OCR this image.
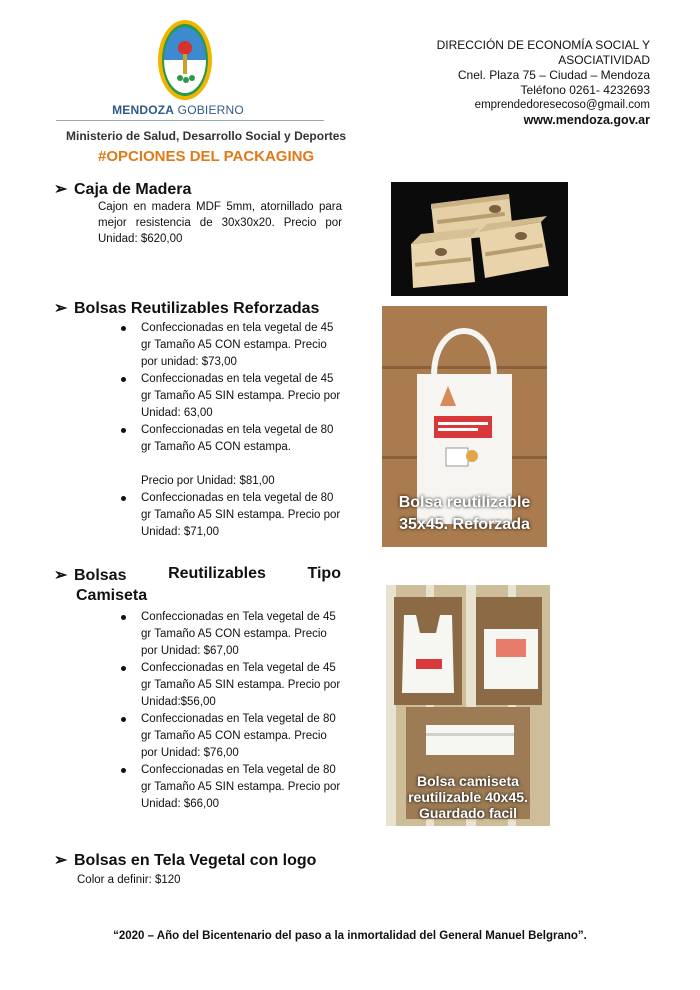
MENDOZA GOBIERNO
Ministerio de Salud, Desarrollo Social y Deportes
DIRECCIÓN DE ECONOMÍA SOCIAL Y
ASOCIATIVIDAD
Cnel. Plaza 75 – Ciudad – Mendoza
Teléfono 0261- 4232693
emprendedoresecoso@gmail.com
www.mendoza.gov.ar
#OPCIONES DEL PACKAGING
➢ Caja de Madera
Cajon en madera MDF 5mm, atornillado para mejor resistencia de 30x30x20. Precio por Unidad: $620,00
➢ Bolsas Reutilizables Reforzadas
Confeccionadas en tela vegetal de 45 gr Tamaño A5 CON estampa. Precio por unidad: $73,00
Confeccionadas en tela vegetal de 45 gr Tamaño A5 SIN estampa. Precio por Unidad: 63,00
Confeccionadas en tela vegetal de 80 gr Tamaño A5 CON estampa.
Precio por Unidad: $81,00
Confeccionadas en tela vegetal de 80 gr Tamaño A5 SIN estampa. Precio por Unidad: $71,00
Bolsa reutilizable
35x45. Reforzada
➢ Bolsas	Reutilizables	Tipo
Camiseta
Confeccionadas en Tela vegetal de 45 gr Tamaño A5 CON estampa. Precio por Unidad: $67,00
Confeccionadas en Tela vegetal de 45 gr Tamaño A5 SIN estampa. Precio por Unidad:$56,00
Confeccionadas en Tela vegetal de 80 gr Tamaño A5 CON estampa. Precio por Unidad: $76,00
Confeccionadas en Tela vegetal de 80 gr Tamaño A5 SIN estampa. Precio por Unidad: $66,00
Bolsa camiseta
reutilizable 40x45.
Guardado facil
➢ Bolsas en Tela Vegetal con logo
Color a definir: $120
“2020 – Año del Bicentenario del paso a la inmortalidad del General Manuel Belgrano”.
